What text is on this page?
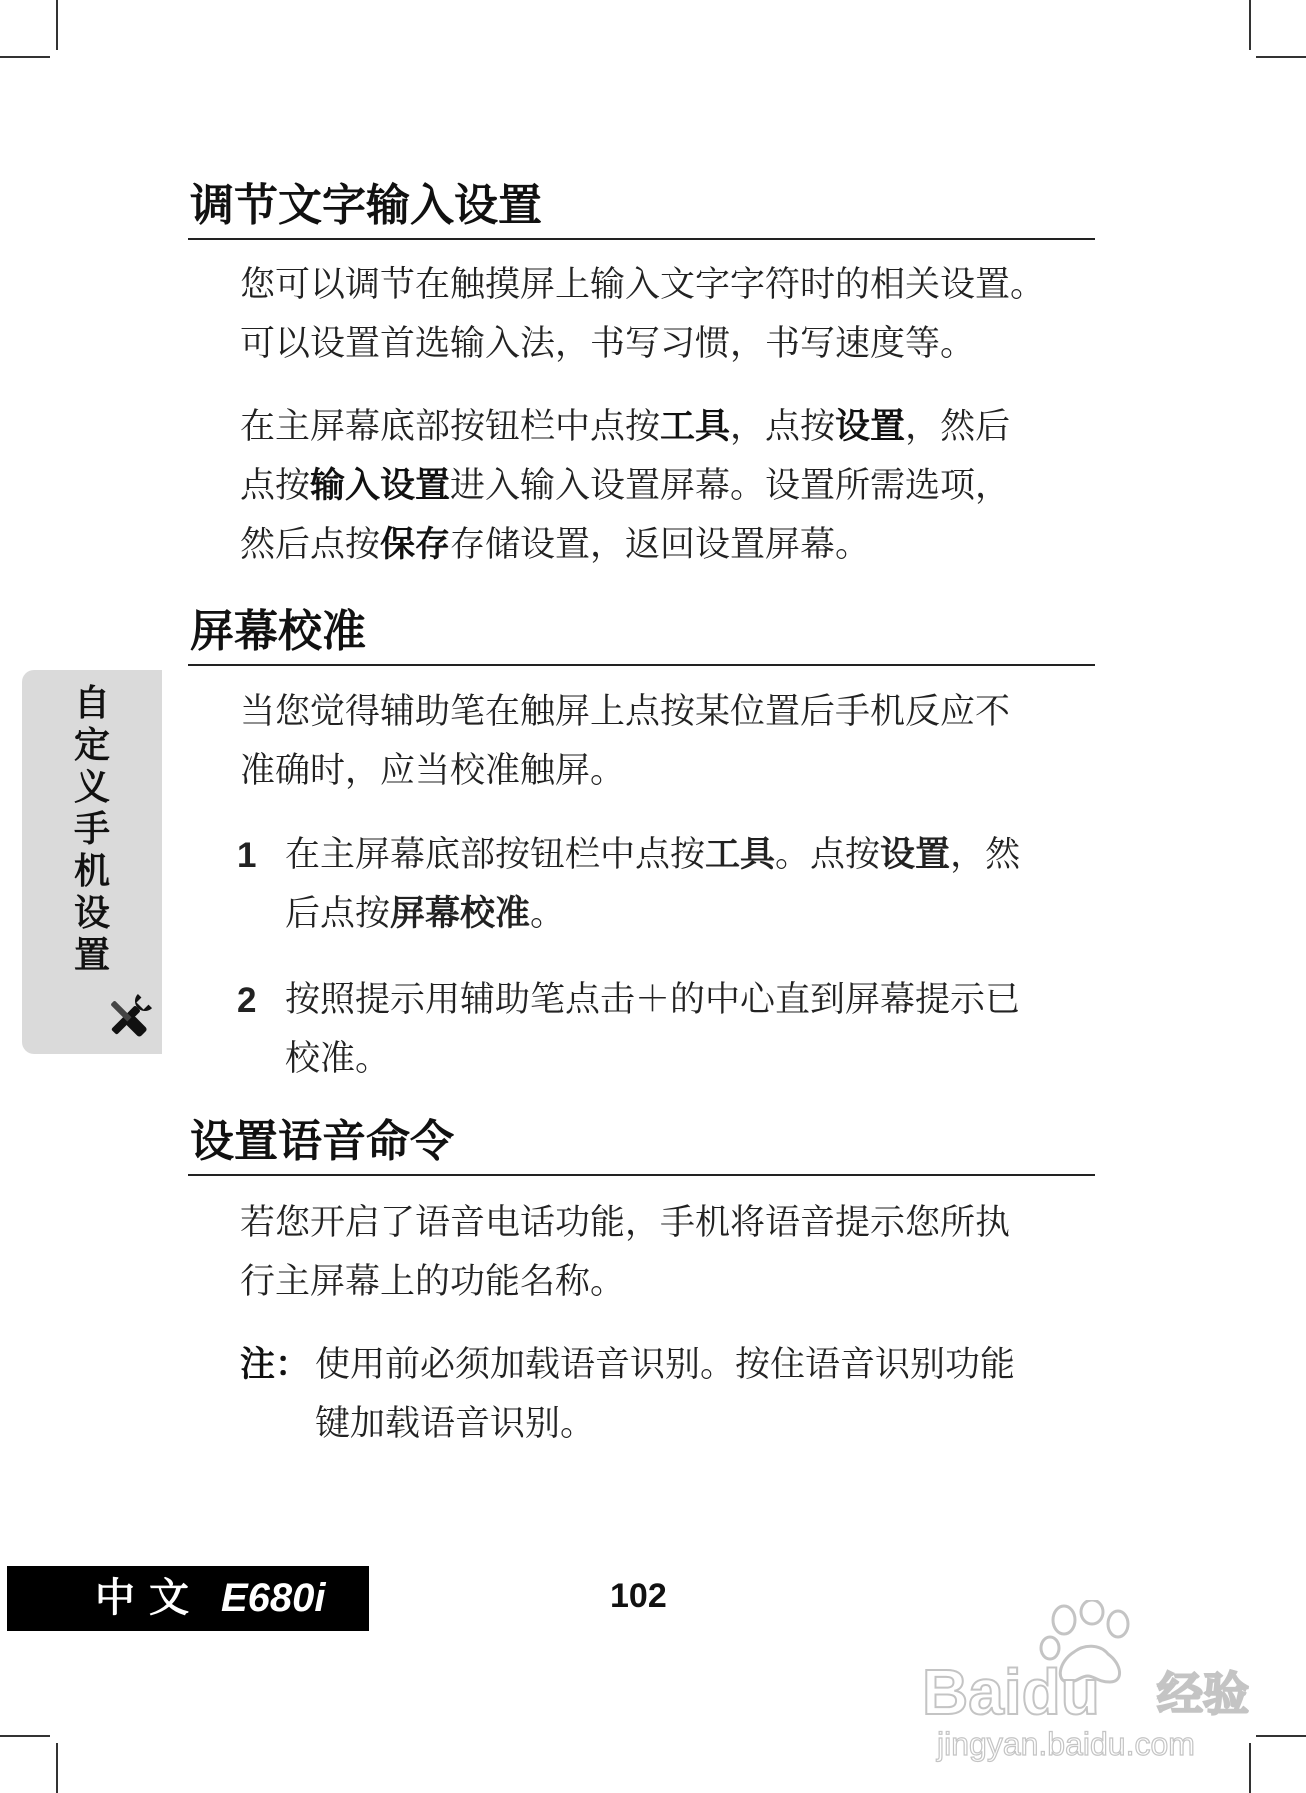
调节文字输入设置
您可以调节在触摸屏上输入文字字符时的相关设置。
可以设置首选输入法，书写习惯，书写速度等。
在主屏幕底部按钮栏中点按工具，点按设置，然后
点按输入设置进入输入设置屏幕。设置所需选项，
然后点按保存存储设置，返回设置屏幕。
屏幕校准
当您觉得辅助笔在触屏上点按某位置后手机反应不
准确时，应当校准触屏。
1 在主屏幕底部按钮栏中点按工具。点按设置，然
后点按屏幕校准。
2 按照提示用辅助笔点击＋的中心直到屏幕提示已
校准。
设置语音命令
若您开启了语音电话功能，手机将语音提示您所执
行主屏幕上的功能名称。
注： 使用前必须加载语音识别。按住语音识别功能
键加载语音识别。
自
定
义
手
机
设
置
中文 E680i	102
Baidu 经验
jingyan.baidu.com
